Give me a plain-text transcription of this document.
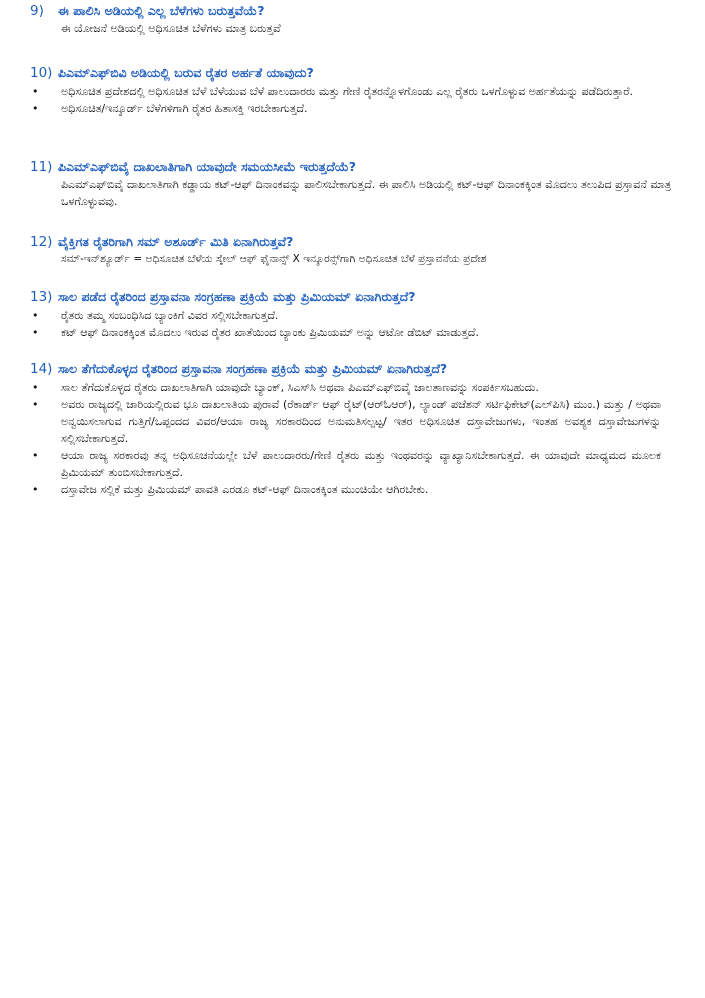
9) ಈ ಪಾಲಿಸಿ ಅಡಿಯಲ್ಲಿ ಎಲ್ಲ ಬೆಳೆಗಳು ಬರುತ್ತವೆಯೆ?
ಈ ಯೋಜನೆ ಅಡಿಯಲ್ಲಿ ಅಧಿಸೂಚಿತ ಬೆಳೆಗಳು ಮಾತ್ರ ಬರುತ್ತವೆ
10) ಪಿಎಮ್‌ಎಫ್‌ಬಿವಿ ಅಡಿಯಲ್ಲಿ ಬರುವ ರೈತರ ಅರ್ಹತೆ ಯಾವುದು?
• ಅಧಿಸೂಚಿತ ಪ್ರದೇಶದಲ್ಲಿ ಅಧಿಸೂಚಿತ ಬೆಳೆ ಬೆಳೆಯುವ ಬೆಳೆ ಪಾಲುದಾರರು ಮತ್ತು ಗೇಣಿ ರೈತರನ್ನೊಳಗೊಂಡು ಎಲ್ಲ ರೈತರು ಒಳಗೊಳ್ಳುವ ಅರ್ಹತೆಯನ್ನು ಪಡೆದಿರುತ್ತಾರೆ.
• ಅಧಿಸೂಚಿತ/ಇನ್ಶೂರ್ಡ್ ಬೆಳೆಗಳಿಗಾಗಿ ರೈತರ ಹಿತಾಸಕ್ತಿ ಇರಬೇಕಾಗುತ್ತದೆ.
11) ಪಿಎಮ್‌ಎಫ್‌ಬಿವೈ ದಾಖಲಾತಿಗಾಗಿ ಯಾವುದೇ ಸಮಯಸೀಮೆ ಇರುತ್ತದೆಯೆ?
ಪಿಎಮ್‌ಎಫ್‌ಬಿವೈ ದಾಖಲಾತಿಗಾಗಿ ಕಡ್ಡಾಯ ಕಟ್-ಆಫ್ ದಿನಾಂಕವನ್ನು ಪಾಲಿಸಬೇಕಾಗುತ್ತದೆ. ಈ ಪಾಲಿಸಿ ಅಡಿಯಲ್ಲಿ ಕಟ್-ಆಫ್ ದಿನಾಂಕಕ್ಕಿಂತ ಮೊದಲು ತಲುಪಿದ ಪ್ರಸ್ತಾವನೆ ಮಾತ್ರ ಒಳಗೊಳ್ಳುವವು.
12) ವೈಕ್ತಿಗತ ರೈತರಿಗಾಗಿ ಸಮ್ ಅಶೂರ್ಡ್ ಮಿತಿ ಏನಾಗಿರುತ್ತವೆ?
ಸಮ್-ಇನ್‌ಶ್ಯೂರ್ಡ್ = ಅಧಿಸೂಚಿತ ಬೆಳೆಯ ಸ್ಕೇಲ್ ಆಫ್ ಫೈನಾನ್ಸ್ X ಇನ್ಶೂರನ್ಸ್‌ಗಾಗಿ ಅಧಿಸೂಚಿತ ಬೆಳೆ ಪ್ರಸ್ತಾವನೆಯ ಪ್ರದೇಶ
13) ಸಾಲ ಪಡೆದ ರೈತರಿಂದ ಪ್ರಸ್ತಾವನಾ ಸಂಗ್ರಹಣಾ ಪ್ರಕ್ರಿಯೆ ಮತ್ತು ಪ್ರಿಮಿಯಮ್ ಏನಾಗಿರುತ್ತದೆ?
• ರೈತರು ತಮ್ಮ ಸಂಬಂಧಿಸಿದ ಬ್ಯಾಂಕಿಗೆ ವಿವರ ಸಲ್ಲಿಸಬೇಕಾಗುತ್ತದೆ.
• ಕಟ್ ಆಫ್ ದಿನಾಂಕಕ್ಕಿಂತ ಮೊದಲು ಇರುವ ರೈತರ ಖಾತೆಯಿಂದ ಬ್ಯಾಂಕು ಪ್ರಿಮಿಯಮ್ ಅನ್ನು ಆಟೋ ಡೆಬಿಟ್ ಮಾಡುತ್ತದೆ.
14) ಸಾಲ ತೆಗೆದುಕೊಳ್ಳದ ರೈತರಿಂದ ಪ್ರಸ್ತಾವನಾ ಸಂಗ್ರಹಣಾ ಪ್ರಕ್ರಿಯೆ ಮತ್ತು ಪ್ರಿಮಿಯಮ್ ಏನಾಗಿರುತ್ತದೆ?
• ಸಾಲ ತೆಗೆದುಕೊಳ್ಳದ ರೈತರು ದಾಖಲಾತಿಗಾಗಿ ಯಾವುದೇ ಬ್ಯಾಂಕ್, ಸಿಎಸ್‌ಸಿ ಅಥವಾ ಪಿಎಮ್‌ಎಫ್‌ಬಿವೈ ಜಾಲತಾಣವನ್ನು ಸಂಪರ್ಕಿಸಬಹುದು.
• ಅವರು ರಾಜ್ಯದಲ್ಲಿ ಜಾರಿಯಲ್ಲಿರುವ ಭೂ ದಾಖಲಾತಿಯ ಪುರಾವೆ (ರೆಕಾರ್ಡ್ ಆಫ್ ರೈಟ್(ಆರ್‌ಓಆರ್), ಲ್ಯಾಂಡ್ ಪಜೆಶನ್ ಸರ್ಟಿಫಿಕೇಟ್(ಎಲ್‌ಪಿಸಿ) ಮುಂ.) ಮತ್ತು / ಅಥವಾ ಅನ್ವಯಿಸಲಾಗುವ ಗುತ್ತಿಗೆ/ಒಪ್ಪಂದದ ವಿವರ/ಆಯಾ ರಾಜ್ಯ ಸರಕಾರದಿಂದ ಅನುಮತಿಸಲ್ಪಟ್ಟ/ ಇತರ ಅಧಿಸೂಚಿತ ದಸ್ತಾವೇಜುಗಳು, ಇಂತಹ ಅವಶ್ಯಕ ದಸ್ತಾವೇಜುಗಳನ್ನು ಸಲ್ಲಿಸಬೇಕಾಗುತ್ತದೆ.
• ಆಯಾ ರಾಜ್ಯ ಸರಕಾರವು ತನ್ನ ಅಧಿಸೂಚನೆಯಲ್ಲೇ ಬೆಳೆ ಪಾಲುದಾರರು/ಗೇಣಿ ರೈತರು ಮತ್ತು ಇಂಥವರನ್ನು ವ್ಯಾಖ್ಯಾನಿಸಬೇಕಾಗುತ್ತದೆ. ಈ ಯಾವುದೇ ಮಾಧ್ಯಮದ ಮೂಲಕ ಪ್ರಿಮಿಯಮ್ ತುಂಬಿಸಬೇಕಾಗುತ್ತದೆ.
• ದಸ್ತಾವೇಜ ಸಲ್ಲಿಕೆ ಮತ್ತು ಪ್ರಿಮಿಯಮ್ ಪಾವತಿ ಎರಡೂ ಕಟ್-ಆಫ್ ದಿನಾಂಕಕ್ಕಿಂತ ಮುಂಚಿಯೇ ಆಗಿರಬೇಕು.
